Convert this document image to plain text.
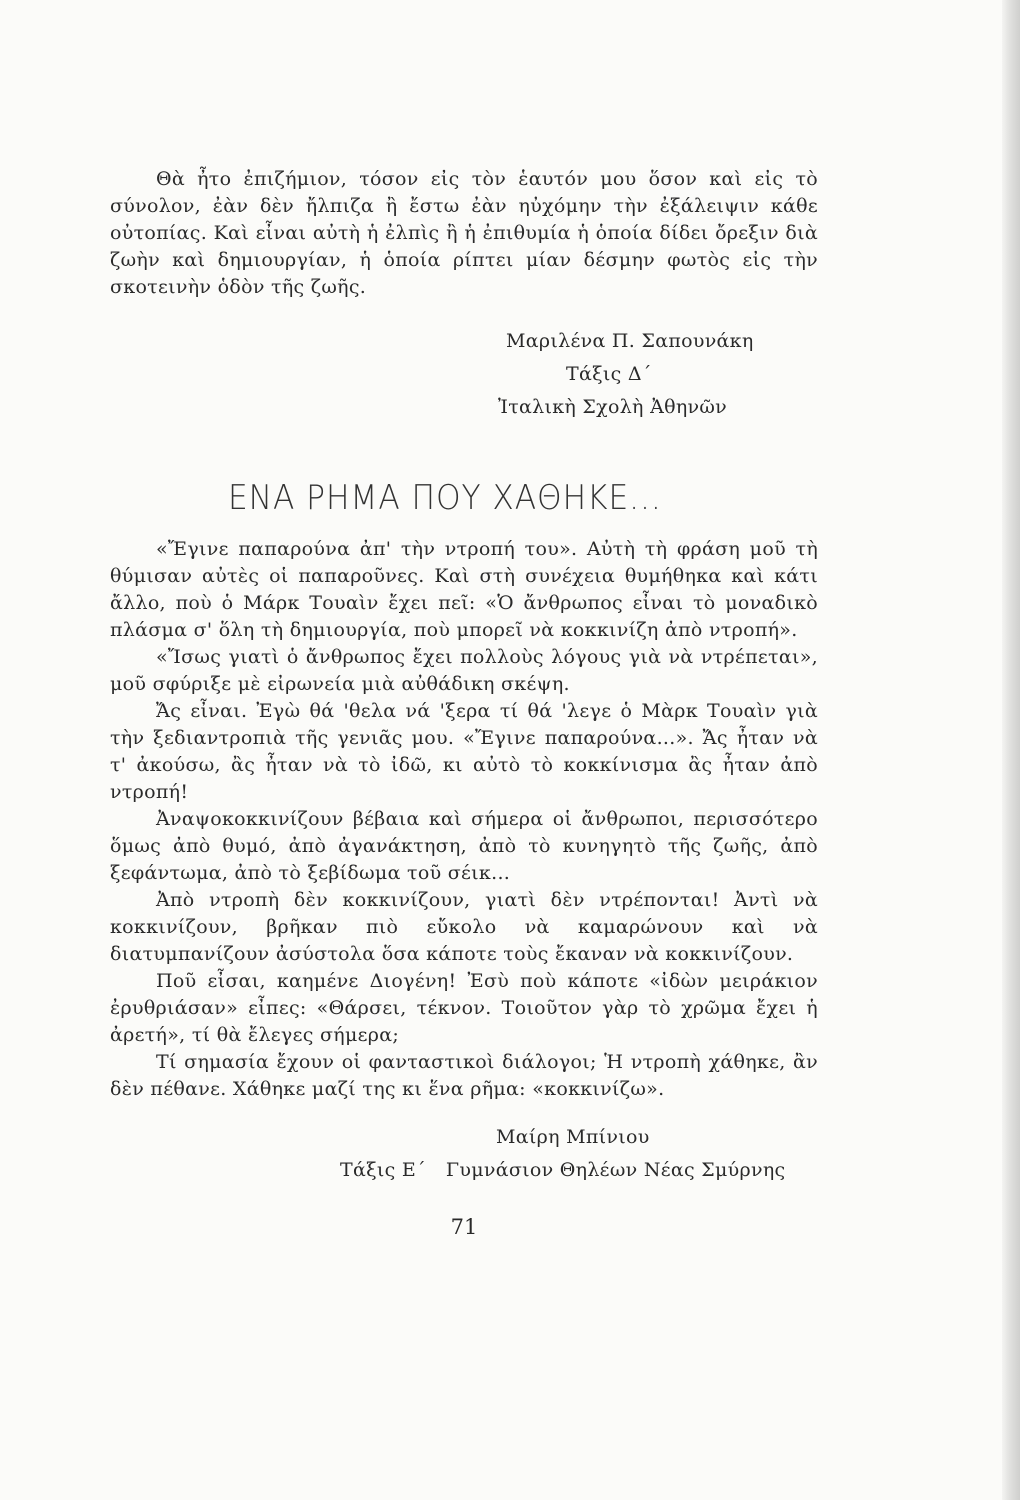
Θὰ ἦτο ἐπιζήμιον, τόσον εἰς τὸν ἑαυτόν μου ὅσον καὶ εἰς τὸ σύνολον, ἐὰν δὲν ἤλπιζα ἢ ἔστω ἐὰν ηὐχόμην τὴν ἐξάλειψιν κάθε οὐτοπίας. Καὶ εἶναι αὐτὴ ἡ ἐλπὶς ἢ ἡ ἐπιθυμία ἡ ὁποία δίδει ὄρεξιν διὰ ζωὴν καὶ δημιουργίαν, ἡ ὁποία ρίπτει μίαν δέσμην φωτὸς εἰς τὴν σκοτεινὴν ὁδὸν τῆς ζωῆς.

Μαριλένα Π. Σαπουνάκη

Τάξις Δ΄

Ἰταλικὴ Σχολὴ Ἀθηνῶν

ΕΝΑ ΡΗΜΑ ΠΟΥ ΧΑΘΗΚΕ...

«Ἔγινε παπαρούνα ἀπ' τὴν ντροπή του». Αὐτὴ τὴ φράση μοῦ τὴ θύμισαν αὐτὲς οἱ παπαροῦνες. Καὶ στὴ συνέχεια θυμήθηκα καὶ κάτι ἄλλο, ποὺ ὁ Μάρκ Τουαὶν ἔχει πεῖ: «Ὁ ἄνθρωπος εἶναι τὸ μοναδικὸ πλάσμα σ' ὅλη τὴ δημιουργία, ποὺ μπορεῖ νὰ κοκκινίζη ἀπὸ ντροπή».

«Ἴσως γιατὶ ὁ ἄνθρωπος ἔχει πολλοὺς λόγους γιὰ νὰ ντρέπεται», μοῦ σφύριξε μὲ εἰρωνεία μιὰ αὐθάδικη σκέψη.

Ἄς εἶναι. Ἐγὼ θά 'θελα νά 'ξερα τί θά 'λεγε ὁ Μὰρκ Τουαὶν γιὰ τὴν ξεδιαντροπιὰ τῆς γενιᾶς μου. «Ἔγινε παπαρούνα...». Ἄς ἦταν νὰ τ' ἀκούσω, ἂς ἦταν νὰ τὸ ἰδῶ, κι αὐτὸ τὸ κοκκίνισμα ἂς ἦταν ἀπὸ ντροπή!

Ἀναψοκοκκινίζουν βέβαια καὶ σήμερα οἱ ἄνθρωποι, περισσότερο ὅμως ἀπὸ θυμό, ἀπὸ ἀγανάκτηση, ἀπὸ τὸ κυνηγητὸ τῆς ζωῆς, ἀπὸ ξεφάντωμα, ἀπὸ τὸ ξεβίδωμα τοῦ σέικ...

Ἀπὸ ντροπὴ δὲν κοκκινίζουν, γιατὶ δὲν ντρέπονται! Ἀντὶ νὰ κοκκινίζουν, βρῆκαν πιὸ εὔκολο νὰ καμαρώνουν καὶ νὰ διατυμπανίζουν ἀσύστολα ὅσα κάποτε τοὺς ἔκαναν νὰ κοκκινίζουν.

Ποῦ εἶσαι, καημένε Διογένη! Ἐσὺ ποὺ κάποτε «ἰδὼν μειράκιον ἐρυθριάσαν» εἶπες: «Θάρσει, τέκνον. Τοιοῦτον γὰρ τὸ χρῶμα ἔχει ἡ ἀρετή», τί θὰ ἔλεγες σήμερα;

Τί σημασία ἔχουν οἱ φανταστικοὶ διάλογοι; Ἡ ντροπὴ χάθηκε, ἂν δὲν πέθανε. Χάθηκε μαζί της κι ἕνα ρῆμα: «κοκκινίζω».

Μαίρη Μπίνιου

Τάξις Ε΄ Γυμνάσιον Θηλέων Νέας Σμύρνης

71
